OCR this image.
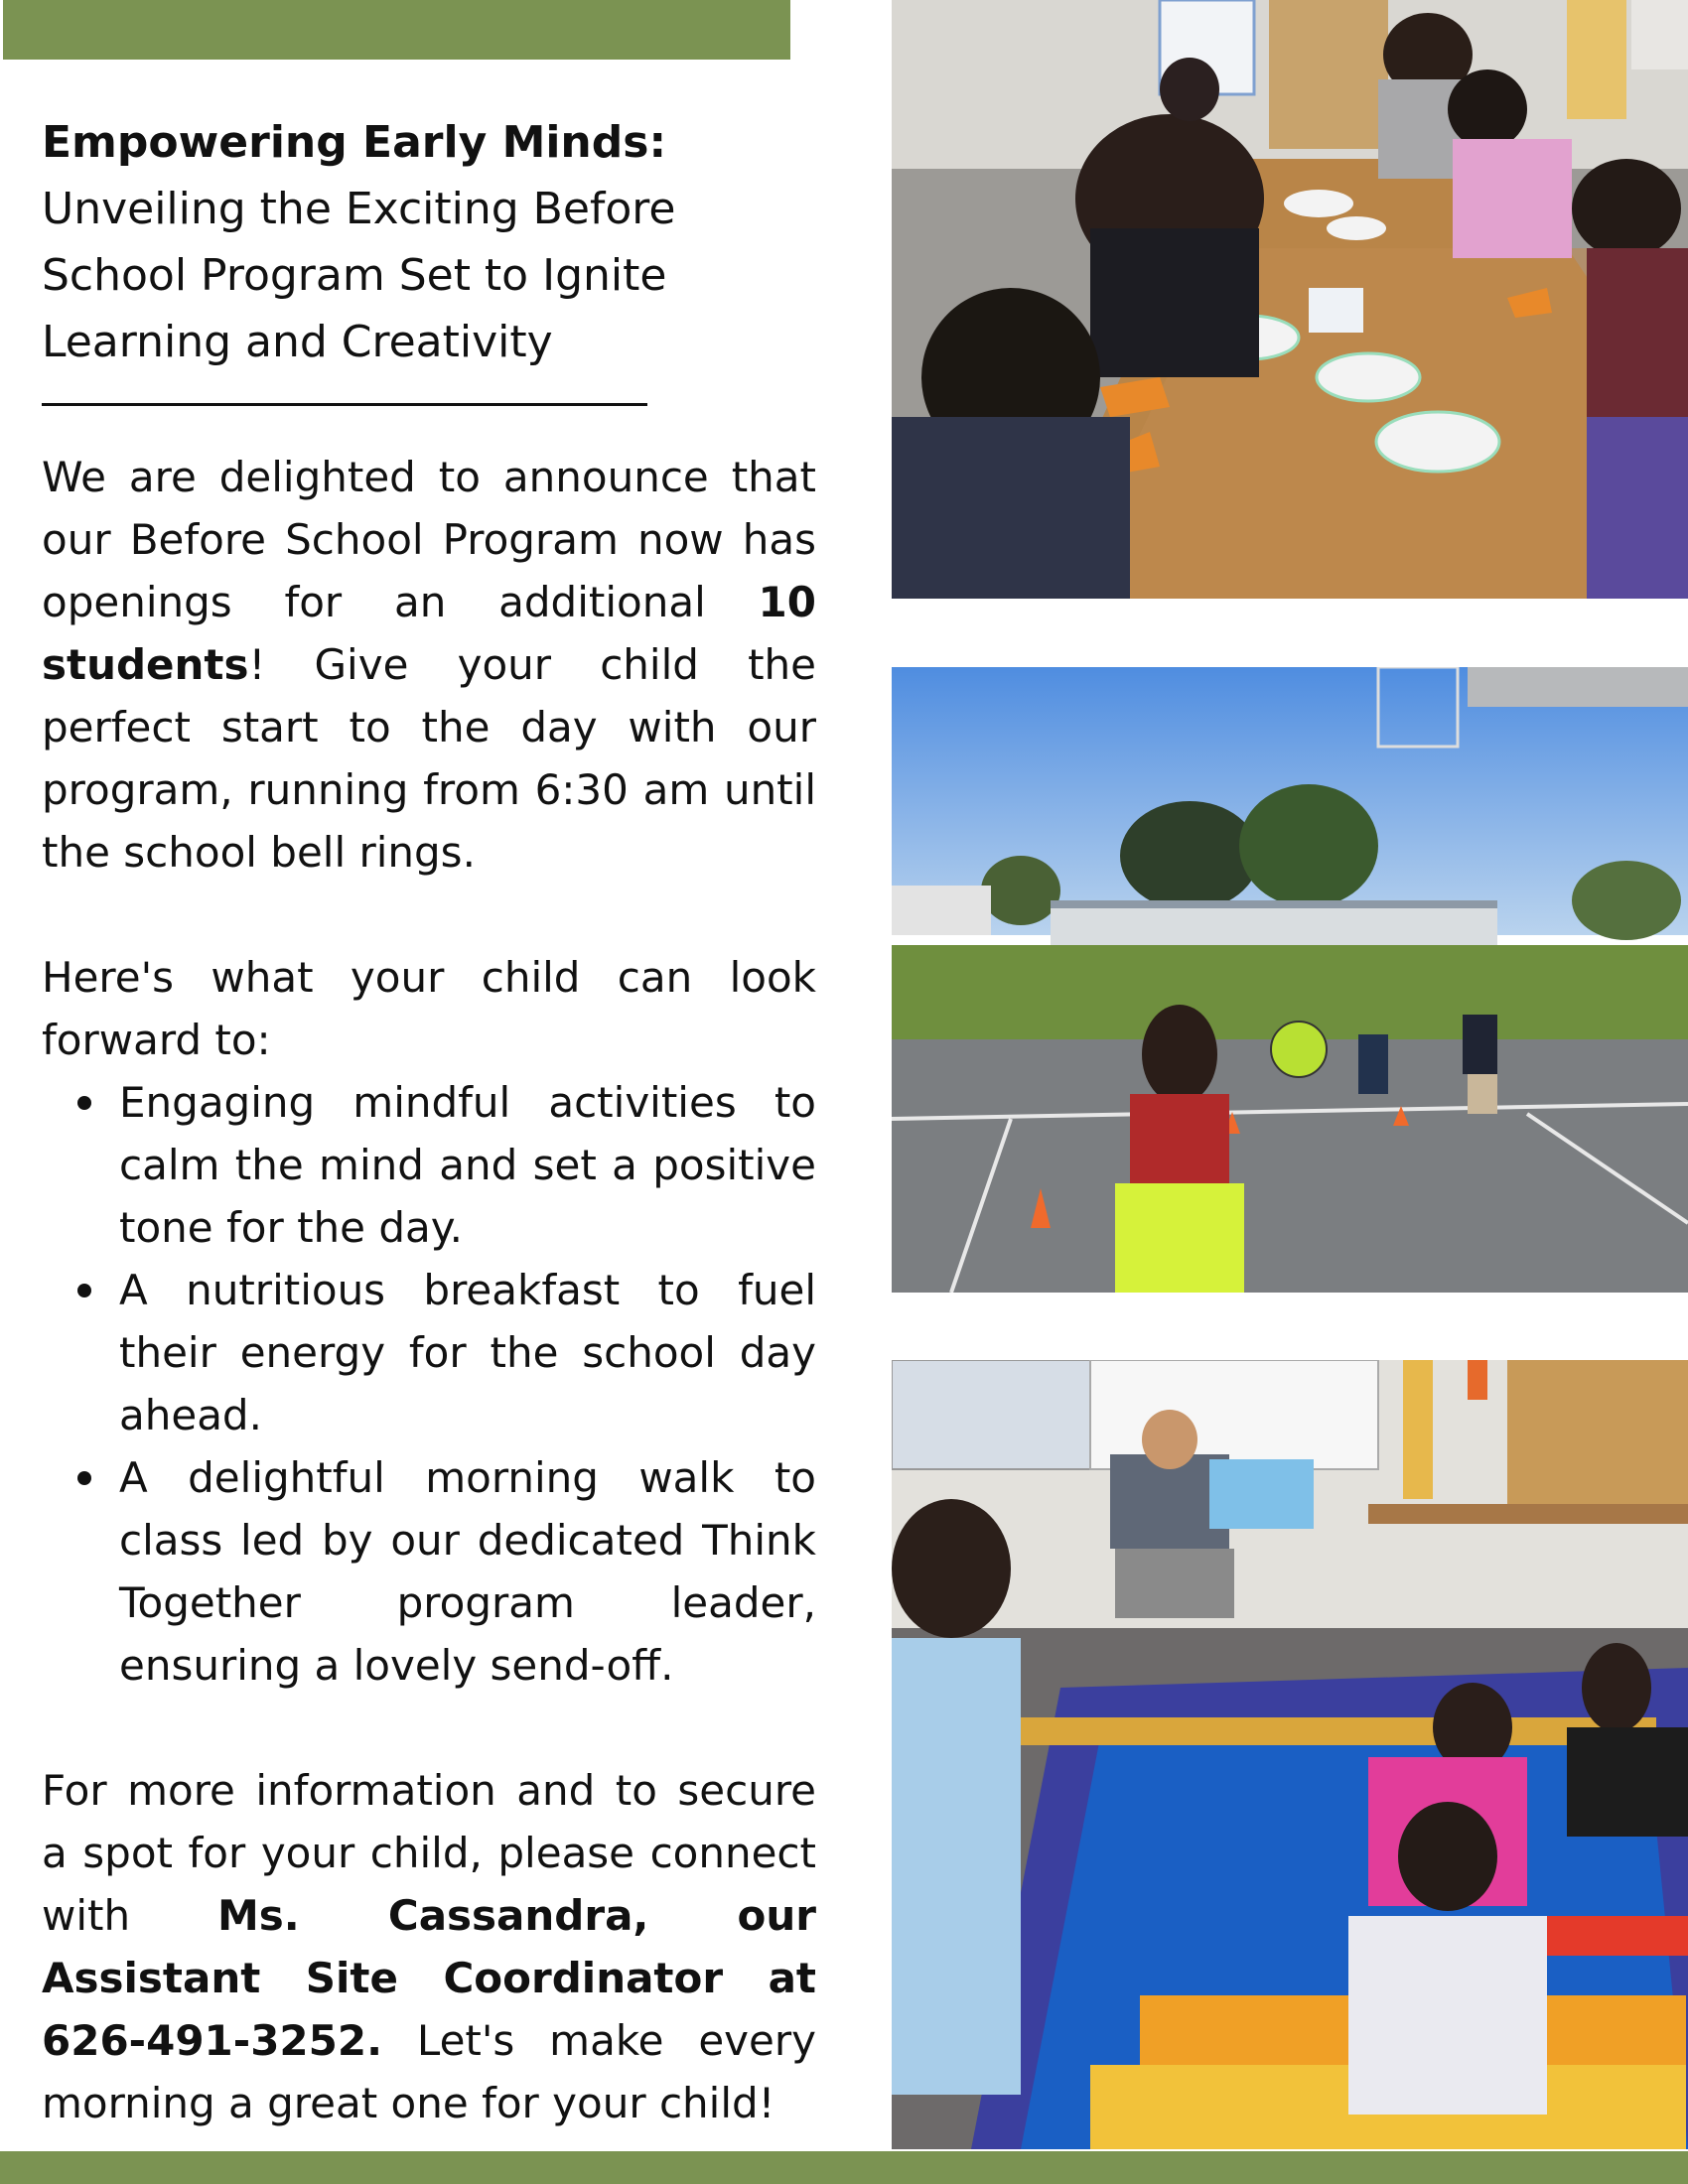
Empowering Early Minds:
Unveiling the Exciting Before School Program Set to Ignite Learning and Creativity

We are delighted to announce that our Before School Program now has openings for an additional 10 students! Give your child the perfect start to the day with our program, running from 6:30 am until the school bell rings.

Here's what your child can look forward to:

Engaging mindful activities to calm the mind and set a positive tone for the day.
A nutritious breakfast to fuel their energy for the school day ahead.
A delightful morning walk to class led by our dedicated Think Together program leader, ensuring a lovely send-off.

For more information and to secure a spot for your child, please connect with Ms. Cassandra, our Assistant Site Coordinator at 626-491-3252. Let's make every morning a great one for your child!
